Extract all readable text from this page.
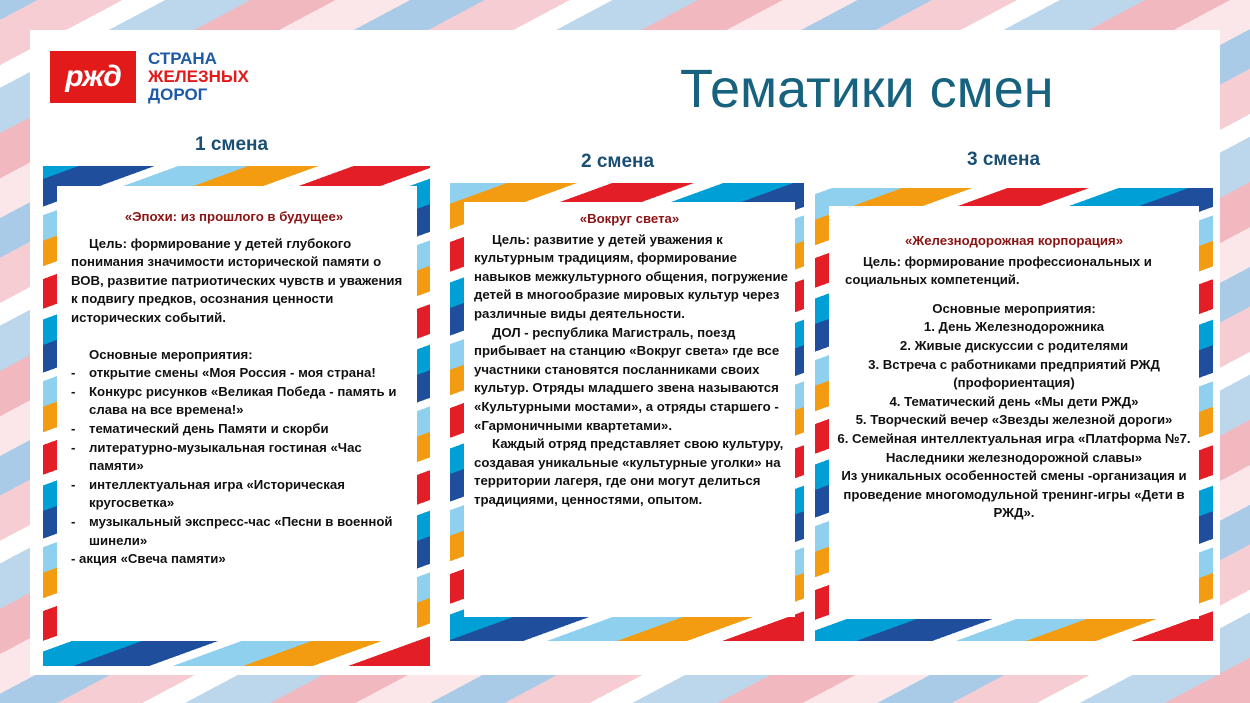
ржд
СТРАНА
ЖЕЛЕЗНЫХ
ДОРОГ	Тематики смен
1 смена
«Эпохи: из прошлого в будущее»

Цель: формирование у детей глубокого понимания значимости исторической памяти о ВОВ, развитие патриотических чувств и уважения к подвигу предков, осознания ценности исторических событий.

Основные мероприятия:

- открытие смены «Моя Россия - моя страна!
- Конкурс рисунков «Великая Победа - память и слава на все времена!»
- тематический день Памяти и скорби
- литературно-музыкальная гостиная «Час памяти»
- интеллектуальная игра «Историческая кругосветка»
- музыкальный экспресс-час «Песни в военной шинели»

- акция «Свеча памяти»

2 смена
«Вокруг света»

Цель: развитие у детей уважения к культурным традициям, формирование навыков межкультурного общения, погружение детей в многообразие мировых культур через различные виды деятельности.

ДОЛ - республика Магистраль, поезд прибывает на станцию «Вокруг света» где все участники становятся посланниками своих культур. Отряды младшего звена называются «Культурными мостами», а отряды старшего - «Гармоничными квартетами».

Каждый отряд представляет свою культуру, создавая уникальные «культурные уголки» на территории лагеря, где они могут делиться традициями, ценностями, опытом.

3 смена
«Железнодорожная корпорация»

Цель: формирование профессиональных и социальных компетенций.

Основные мероприятия:

1. День Железнодорожника
2. Живые дискуссии с родителями
3. Встреча с работниками предприятий РЖД (профориентация)
4. Тематический день «Мы дети РЖД»
5. Творческий вечер «Звезды железной дороги»
6. Семейная интеллектуальная игра «Платформа №7. Наследники железнодорожной славы»

Из уникальных особенностей смены -организация и проведение многомодульной тренинг-игры «Дети в РЖД».
